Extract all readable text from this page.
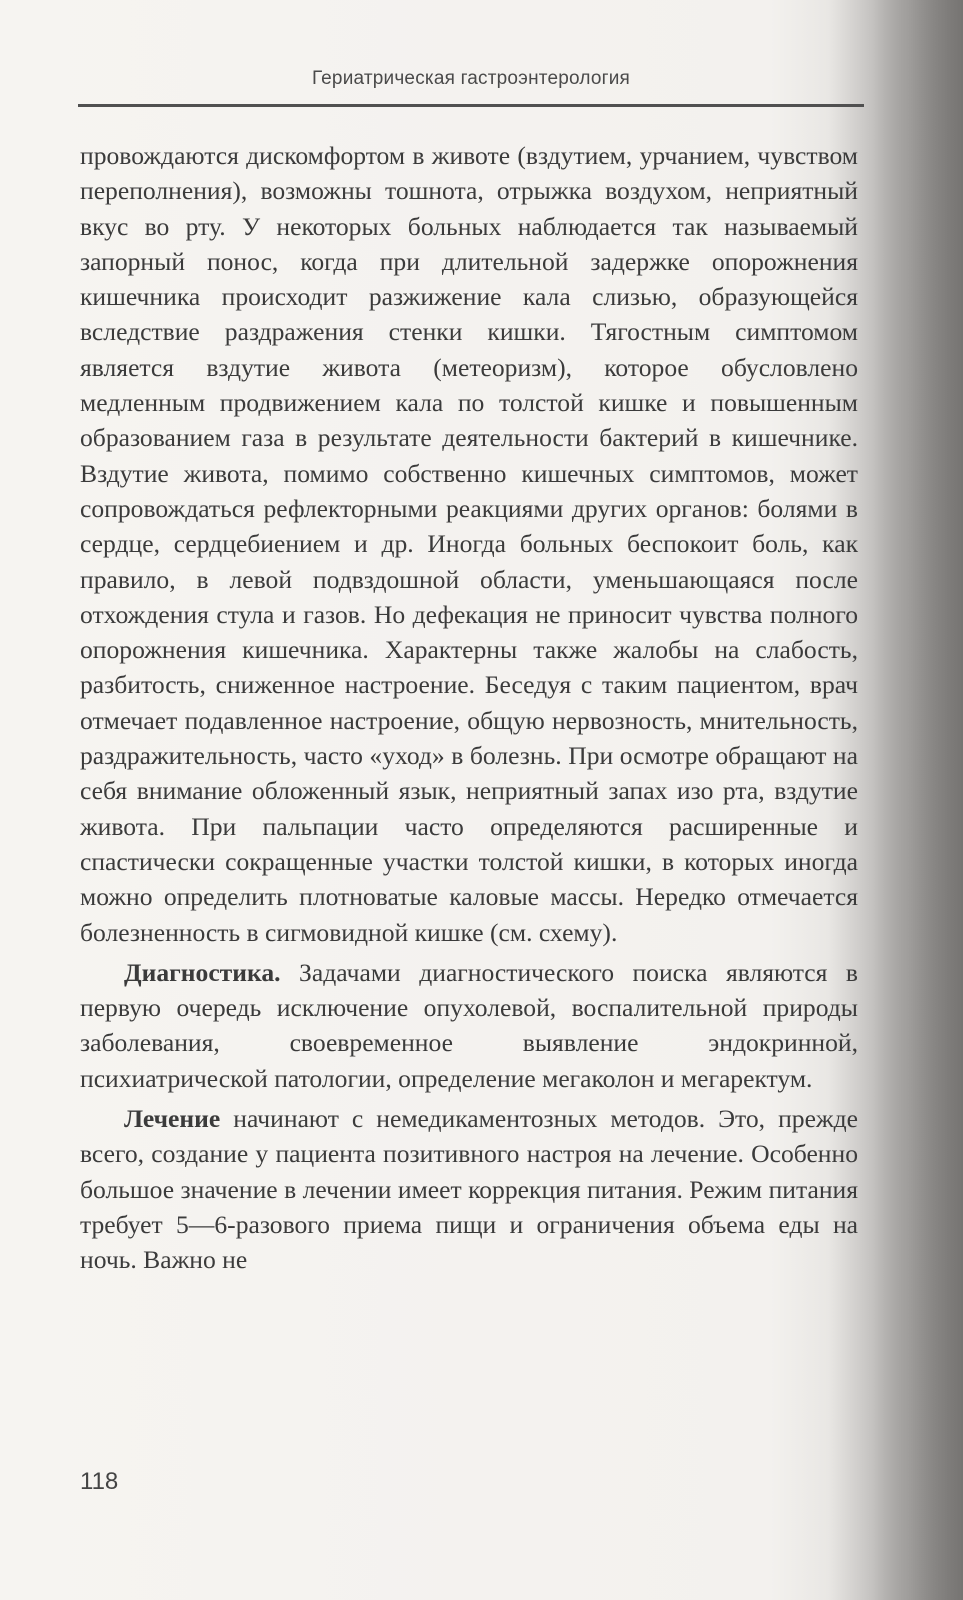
Гериатрическая гастроэнтерология

провождаются дискомфортом в животе (вздутием, урчанием, чувством переполнения), возможны тошнота, отрыжка воздухом, неприятный вкус во рту. У некоторых больных наблюдается так называемый запорный понос, когда при длительной задержке опорожнения кишечника происходит разжижение кала слизью, образующейся вследствие раздражения стенки кишки. Тягостным симптомом является вздутие живота (метеоризм), которое обусловлено медленным продвижением кала по толстой кишке и повышенным образованием газа в результате деятельности бактерий в кишечнике. Вздутие живота, помимо собственно кишечных симптомов, может сопровождаться рефлекторными реакциями других органов: болями в сердце, сердцебиением и др. Иногда больных беспокоит боль, как правило, в левой подвздошной области, уменьшающаяся после отхождения стула и газов. Но дефекация не приносит чувства полного опорожнения кишечника. Характерны также жалобы на слабость, разбитость, сниженное настроение. Беседуя с таким пациентом, врач отмечает подавленное настроение, общую нервозность, мнительность, раздражительность, часто «уход» в болезнь. При осмотре обращают на себя внимание обложенный язык, неприятный запах изо рта, вздутие живота. При пальпации часто определяются расширенные и спастически сокращенные участки толстой кишки, в которых иногда можно определить плотноватые каловые массы. Нередко отмечается болезненность в сигмовидной кишке (см. схему).

Диагностика. Задачами диагностического поиска являются в первую очередь исключение опухолевой, воспалительной природы заболевания, своевременное выявление эндокринной, психиатрической патологии, определение мегаколон и мегаректум.

Лечение начинают с немедикаментозных методов. Это, прежде всего, создание у пациента позитивного настроя на лечение. Особенно большое значение в лечении имеет коррекция питания. Режим питания требует 5—6-разового приема пищи и ограничения объема еды на ночь. Важно не

118
